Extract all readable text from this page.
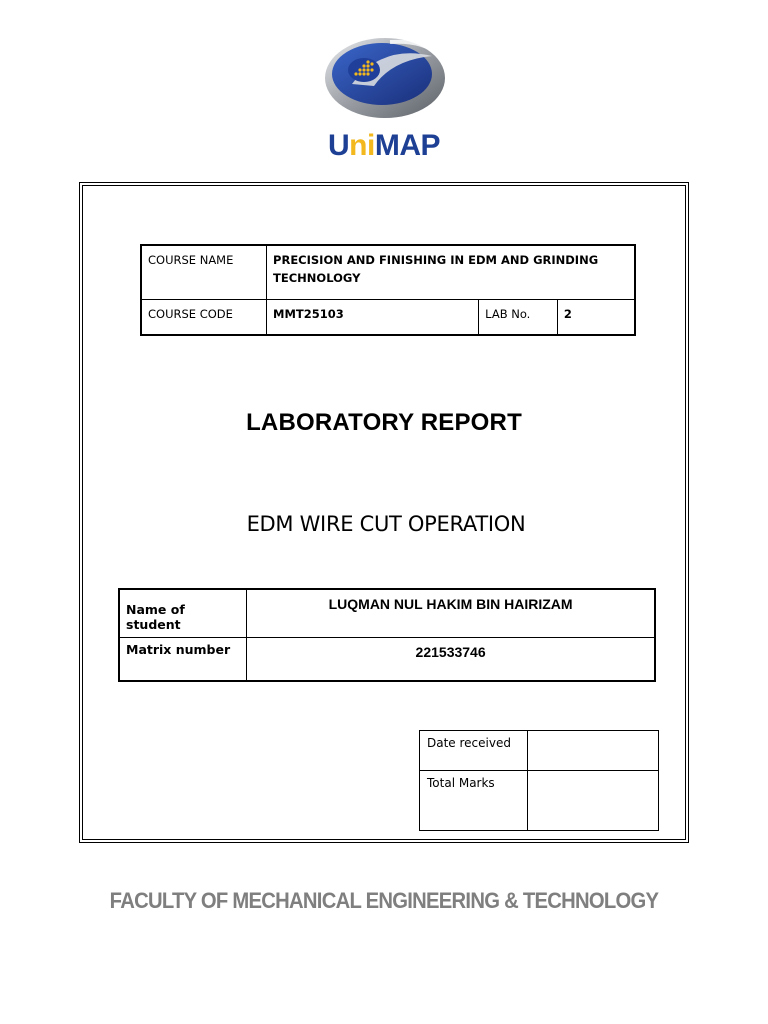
UniMAP
COURSE NAME	PRECISION AND FINISHING IN EDM AND GRINDING
TECHNOLOGY		

COURSE CODE	MMT25103	LAB No.	2
LABORATORY REPORT
EDM WIRE CUT OPERATION
Name of student	LUQMAN NUL HAKIM BIN HAIRIZAM
Matrix number	221533746
Date received	
Total Marks	
FACULTY OF MECHANICAL ENGINEERING & TECHNOLOGY
